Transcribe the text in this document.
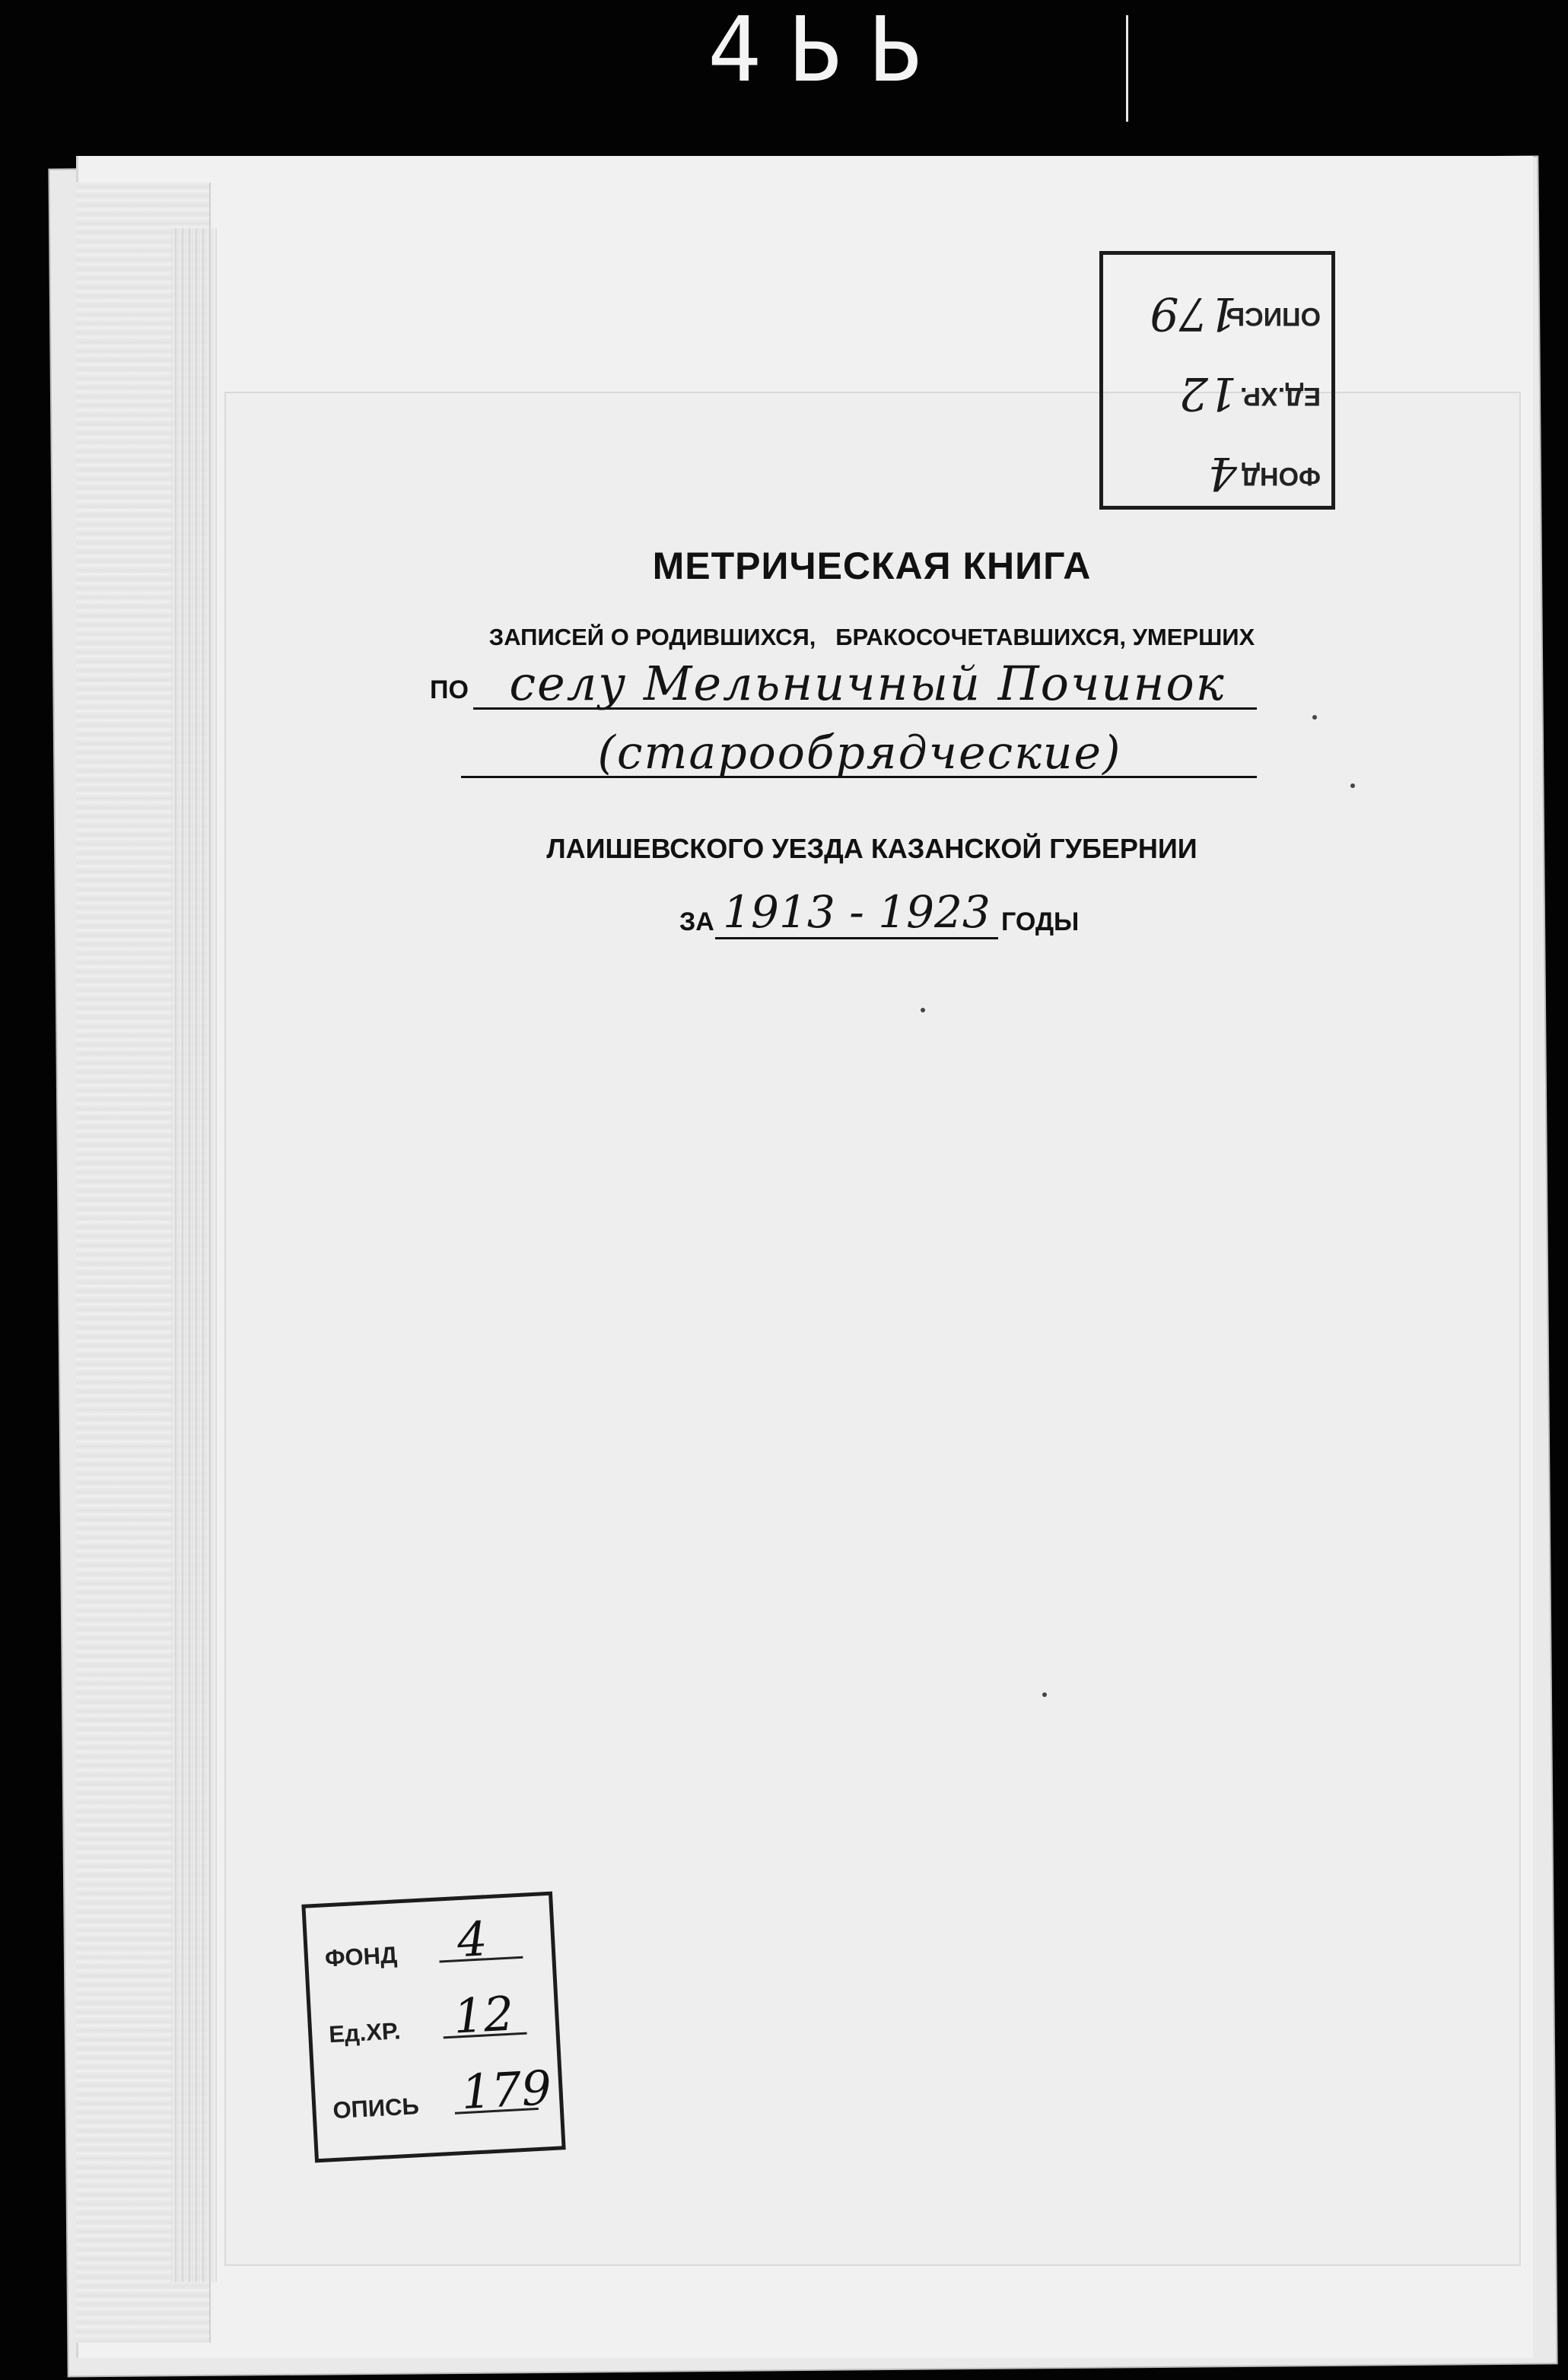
4ЬЬ
ФОНД
4
ЕД.ХР.
12
ОПИСЬ
179
МЕТРИЧЕСКАЯ КНИГА
ЗАПИСЕЙ О РОДИВШИХСЯ,   БРАКОСОЧЕТАВШИХСЯ, УМЕРШИХ
ПО селу Мельничный Починок
(старообрядческие)
ЛАИШЕВСКОГО УЕЗДА КАЗАНСКОЙ ГУБЕРНИИ
ЗА 1913 - 1923 ГОДЫ
ФОНД 4
Ед.ХР. 12
ОПИСЬ 179
